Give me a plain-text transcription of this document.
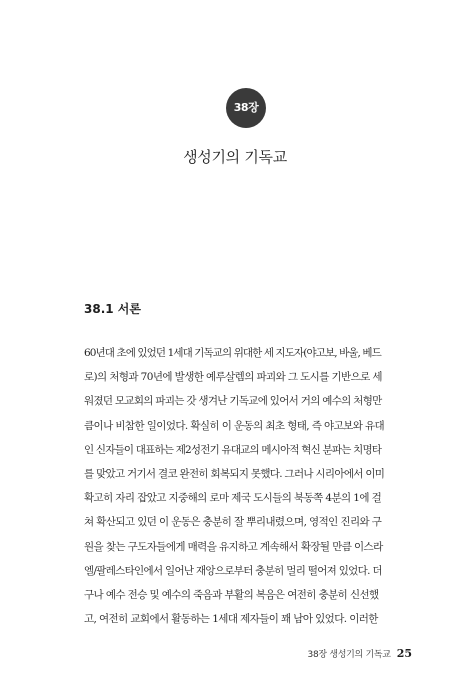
38장
생성기의 기독교
38.1 서론
60년대 초에 있었던 1세대 기독교의 위대한 세 지도자(야고보, 바울, 베드
로)의 처형과 70년에 발생한 예루살렘의 파괴와 그 도시를 기반으로 세
워졌던 모교회의 파괴는 갓 생겨난 기독교에 있어서 거의 예수의 처형만
큼이나 비참한 일이었다. 확실히 이 운동의 최초 형태, 즉 야고보와 유대
인 신자들이 대표하는 제2성전기 유대교의 메시아적 혁신 분파는 치명타
를 맞았고 거기서 결코 완전히 회복되지 못했다. 그러나 시리아에서 이미
확고히 자리 잡았고 지중해의 로마 제국 도시들의 북동쪽 4분의 1에 걸
쳐 확산되고 있던 이 운동은 충분히 잘 뿌리내렸으며, 영적인 진리와 구
원을 찾는 구도자들에게 매력을 유지하고 계속해서 확장될 만큼 이스라
엘/팔레스타인에서 일어난 재앙으로부터 충분히 멀리 떨어져 있었다. 더
구나 예수 전승 및 예수의 죽음과 부활의 복음은 여전히 충분히 신선했
고, 여전히 교회에서 활동하는 1세대 제자들이 꽤 남아 있었다. 이러한
38장 생성기의 기독교 25
